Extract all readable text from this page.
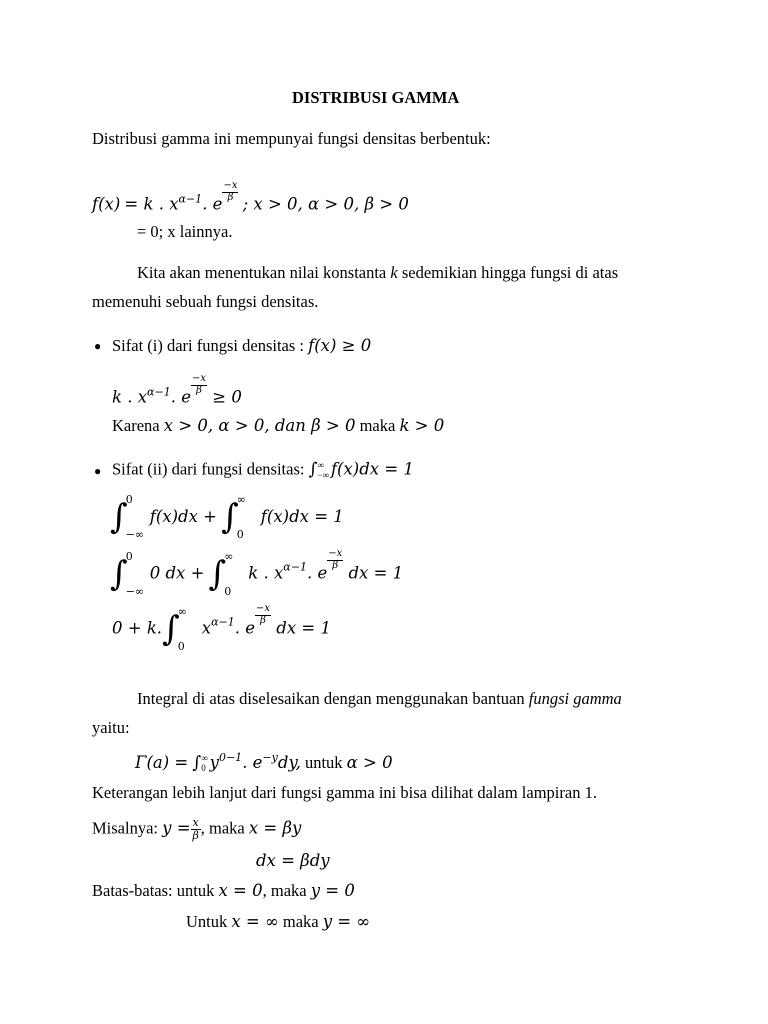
DISTRIBUSI GAMMA
Distribusi gamma ini mempunyai fungsi densitas berbentuk:
f(x) = k . $x^{\alpha-1}$. e
$\frac{-x}{\beta}$
; x > 0, α > 0, β > 0
= 0; x lainnya.
Kita akan menentukan nilai konstanta k sedemikian hingga fungsi di atas
memenuhi sebuah fungsi densitas.
● Sifat (i) dari fungsi densitas : f(x) ≥ 0
k . $x^{\alpha-1}$. e
$\frac{-x}{\beta}$
≥ 0
Karena x > 0, α > 0, dan β > 0 maka k > 0
● Sifat (ii) dari fungsi densitas: ∫ ∞
−∞ f(x)dx = 1
∫
0
−∞
f(x)dx + ∫
∞
0
f(x)dx = 1
∫
0
−∞
0 dx + ∫
∞
0
k . $x^{\alpha-1}$. e
$\frac{-x}{\beta}$
dx = 1
0 + k.∫
∞
0
$x^{\alpha-1}$. e
$\frac{-x}{\beta}$
dx = 1
Integral di atas diselesaikan dengan menggunakan bantuan fungsi gamma
yaitu:
Γ(a) = ∫ ∞
0 $y^{0-1}$. $e^{-y}dy$, untuk α > 0
Keterangan lebih lanjut dari fungsi gamma ini bisa dilihat dalam lampiran 1.
Misalnya: $y = \frac{x}{\beta}$, maka x = βy
dx = βdy
Batas-batas: untuk x = 0, maka y = 0
Untuk x = ∞ maka y = ∞
